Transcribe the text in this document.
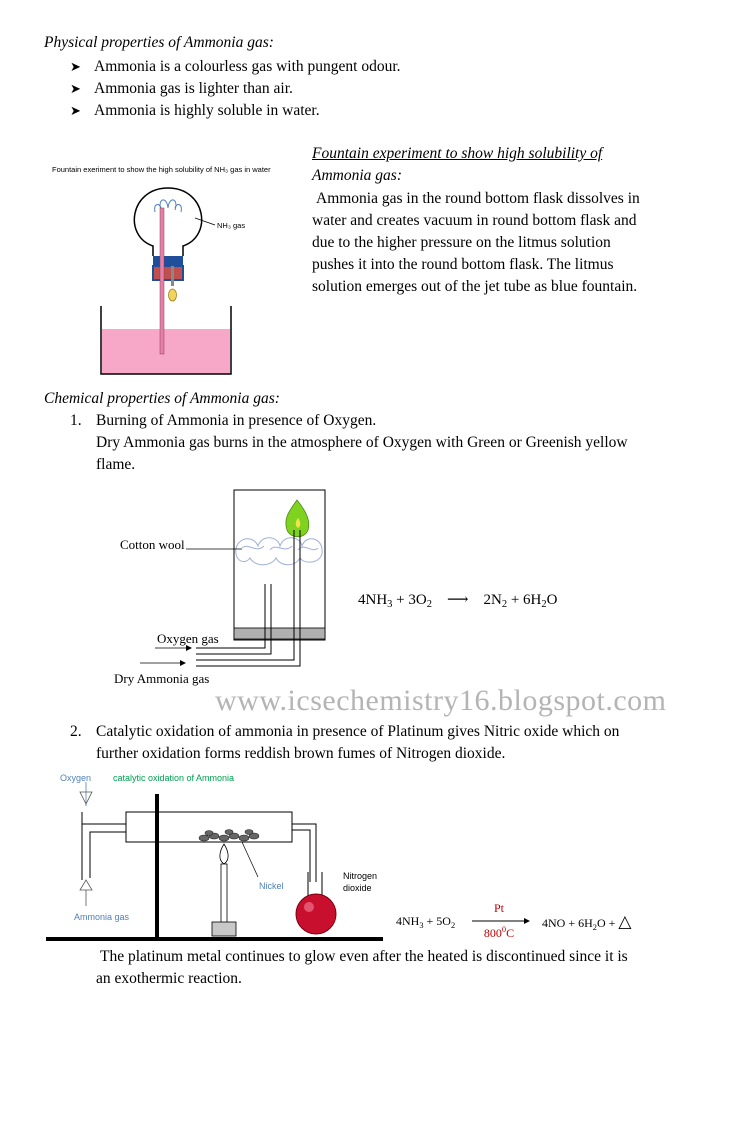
Physical properties of Ammonia gas:
➤ Ammonia is a colourless gas with pungent odour.
➤ Ammonia gas is lighter than air.
➤ Ammonia is highly soluble in water.
Fountain exeriment to show the high solubility of NH₃ gas in water
NH₃ gas
Fountain experiment to show high solubility of
Ammonia gas:
Ammonia gas in the round bottom flask dissolves in
water and creates vacuum in round bottom flask and
due to the higher pressure on the litmus solution
pushes it into the round bottom flask. The litmus
solution emerges out of the jet tube as blue fountain.
Chemical properties of Ammonia gas:
1. Burning of Ammonia in presence of Oxygen.
Dry Ammonia gas burns in the atmosphere of Oxygen with Green or Greenish yellow
flame.
Cotton wool
Oxygen gas
Dry Ammonia gas
$4NH_3 + 3O_2$ ⟶ $2N_2 + 6H_2O$
www.icsechemistry16.blogspot.com
2. Catalytic oxidation of ammonia in presence of Platinum gives Nitric oxide which on
further oxidation forms reddish brown fumes of Nitrogen dioxide.
Oxygen catalytic oxidation of Ammonia
Nickel
Nitrogen
dioxide
Ammonia gas	$4NH_3 + 5O_2$
Pt
$800^0C$
$4NO + 6H_2O$ + △
The platinum metal continues to glow even after the heated is discontinued since it is
an exothermic reaction.
